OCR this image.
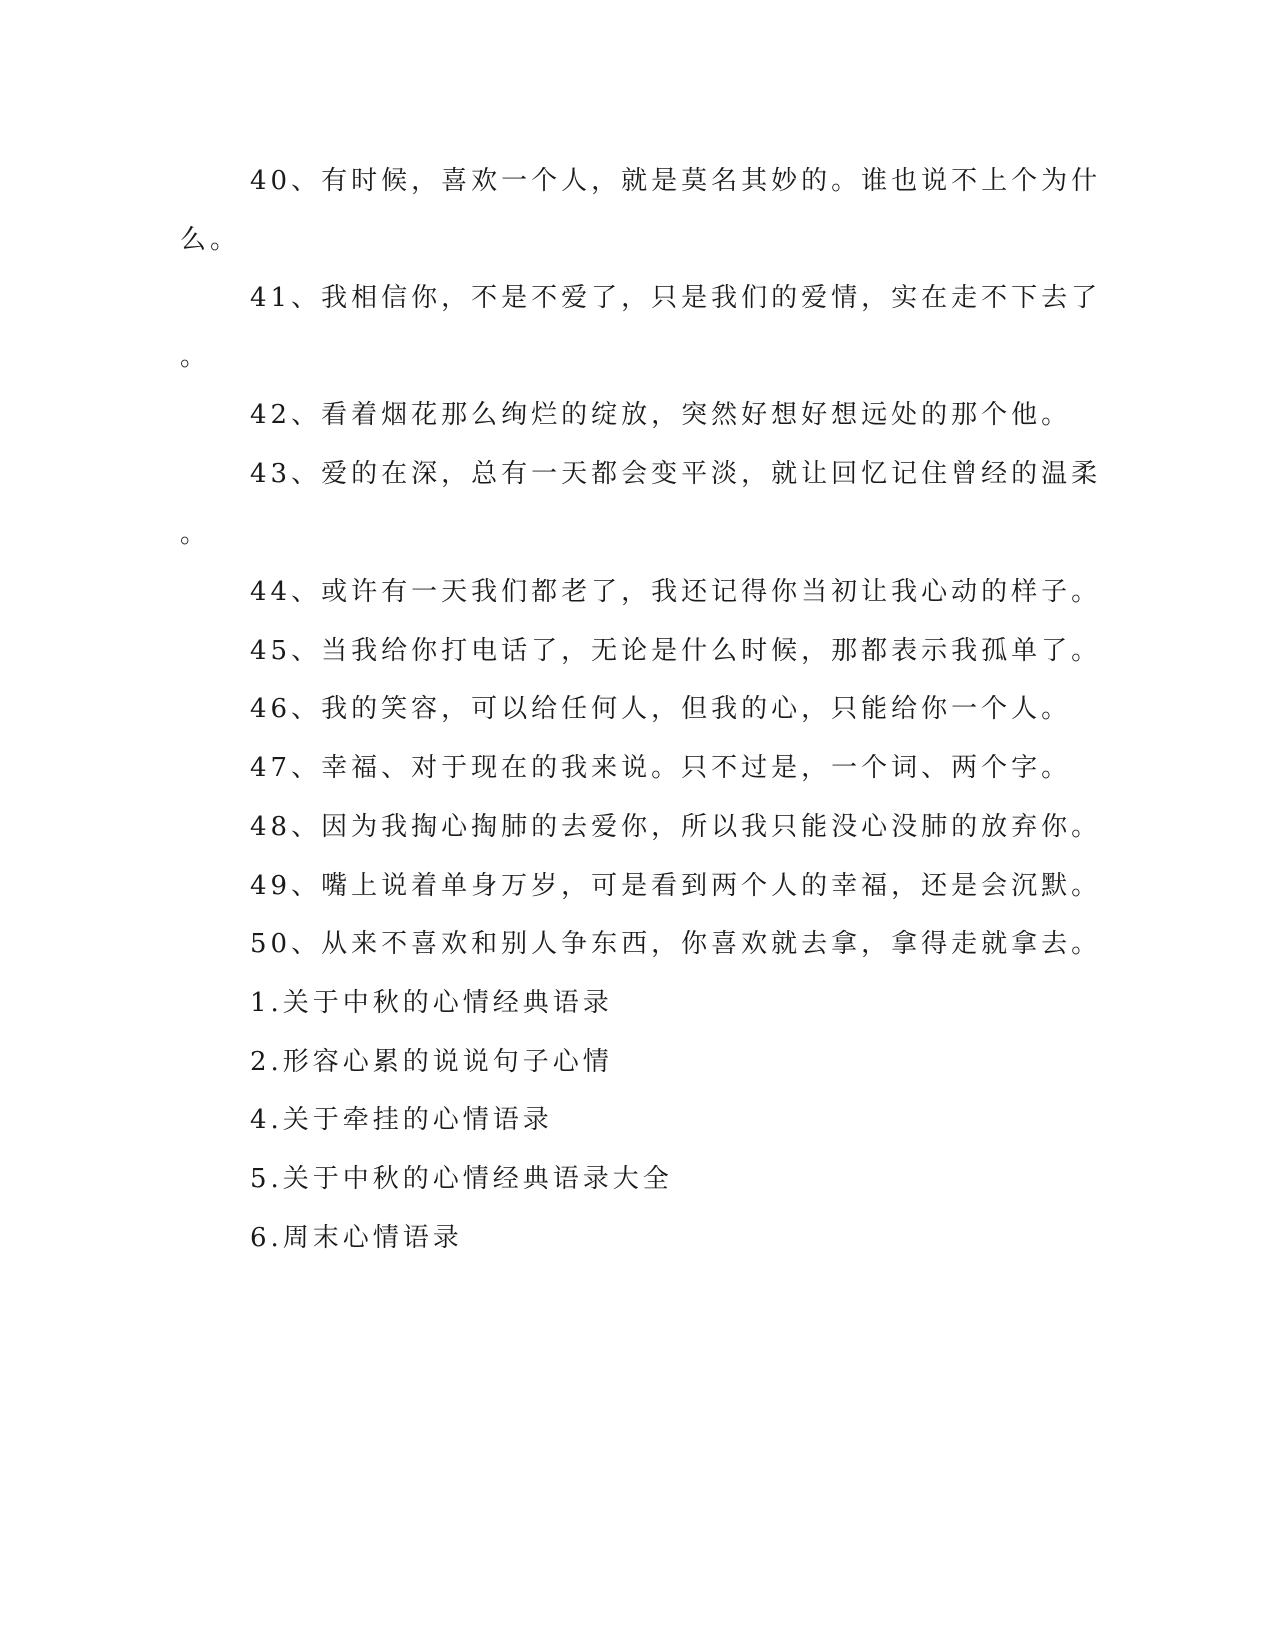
40、有时候，喜欢一个人，就是莫名其妙的。谁也说不上个为什
么。
41、我相信你，不是不爱了，只是我们的爱情，实在走不下去了
。
42、看着烟花那么绚烂的绽放，突然好想好想远处的那个他。
43、爱的在深，总有一天都会变平淡，就让回忆记住曾经的温柔
。
44、或许有一天我们都老了，我还记得你当初让我心动的样子。
45、当我给你打电话了，无论是什么时候，那都表示我孤单了。
46、我的笑容，可以给任何人，但我的心，只能给你一个人。
47、幸福、对于现在的我来说。只不过是，一个词、两个字。
48、因为我掏心掏肺的去爱你，所以我只能没心没肺的放弃你。
49、嘴上说着单身万岁，可是看到两个人的幸福，还是会沉默。
50、从来不喜欢和别人争东西，你喜欢就去拿，拿得走就拿去。
1.关于中秋的心情经典语录
2.形容心累的说说句子心情
4.关于牵挂的心情语录
5.关于中秋的心情经典语录大全
6.周末心情语录
